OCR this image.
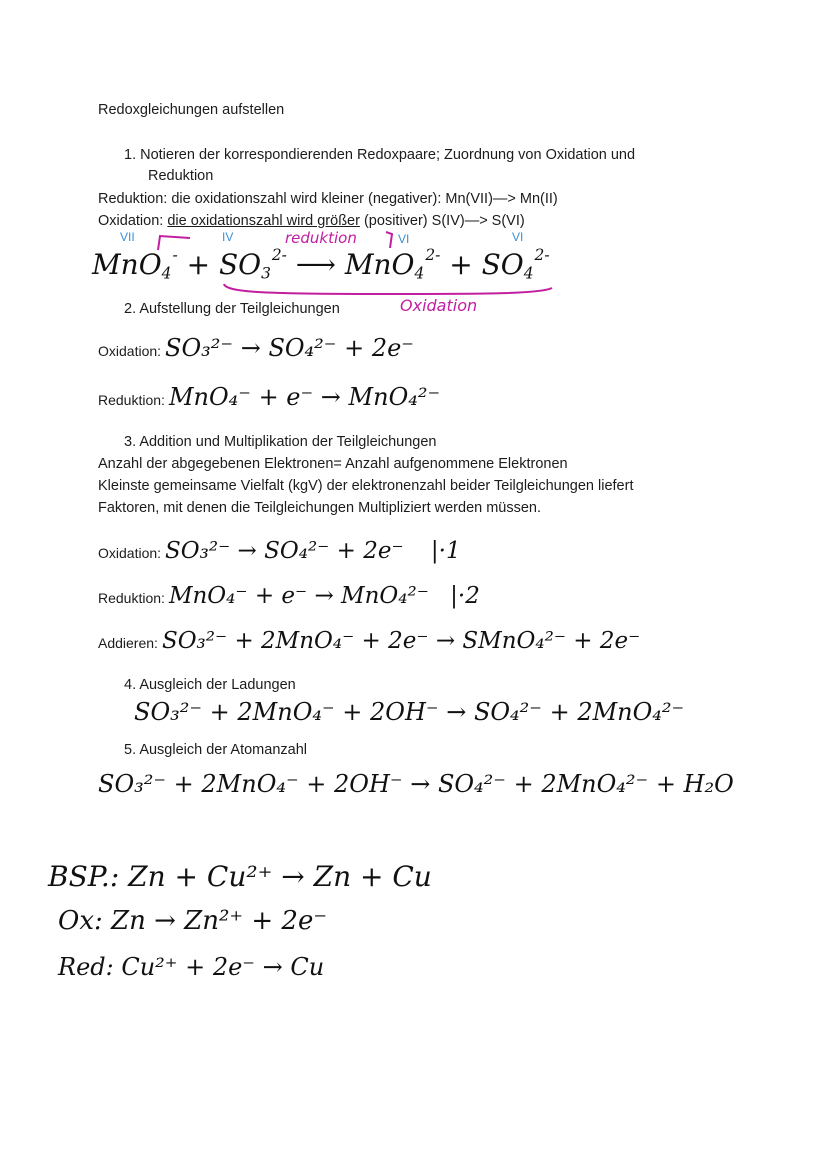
Redoxgleichungen aufstellen
1. Notieren der korrespondierenden Redoxpaare; Zuordnung von Oxidation und
Reduktion
Reduktion: die oxidationszahl wird kleiner (negativer): Mn(VII)—> Mn(II)
Oxidation: die oxidationszahl wird größer (positiver) S(IV)—> S(VI)
VII	IV	VI	VI
reduktion
$MnO_4^- + SO_3^{2-}$ ⟶ $MnO_4^{2-} + SO_4^{2-}$
2. Aufstellung der Teilgleichungen	Oxidation
Oxidation: SO₃²⁻ → SO₄²⁻ + 2e⁻
Reduktion: MnO₄⁻ + e⁻ → MnO₄²⁻
3. Addition und Multiplikation der Teilgleichungen
Anzahl der abgegebenen Elektronen= Anzahl aufgenommene Elektronen
Kleinste gemeinsame Vielfalt (kgV) der elektronenzahl beider Teilgleichungen liefert
Faktoren, mit denen die Teilgleichungen Multipliziert werden müssen.
Oxidation: SO₃²⁻ → SO₄²⁻ + 2e⁻ |·1
Reduktion: MnO₄⁻ + e⁻ → MnO₄²⁻ |·2
Addieren: SO₃²⁻ + 2MnO₄⁻ + 2e⁻ → SMnO₄²⁻ + 2e⁻
4. Ausgleich der Ladungen
SO₃²⁻ + 2MnO₄⁻ + 2OH⁻ → SO₄²⁻ + 2MnO₄²⁻
5. Ausgleich der Atomanzahl
SO₃²⁻ + 2MnO₄⁻ + 2OH⁻ → SO₄²⁻ + 2MnO₄²⁻ + H₂O
BSP.: Zn + Cu²⁺ → Zn + Cu
Ox: Zn → Zn²⁺ + 2e⁻
Red: Cu²⁺ + 2e⁻ → Cu
